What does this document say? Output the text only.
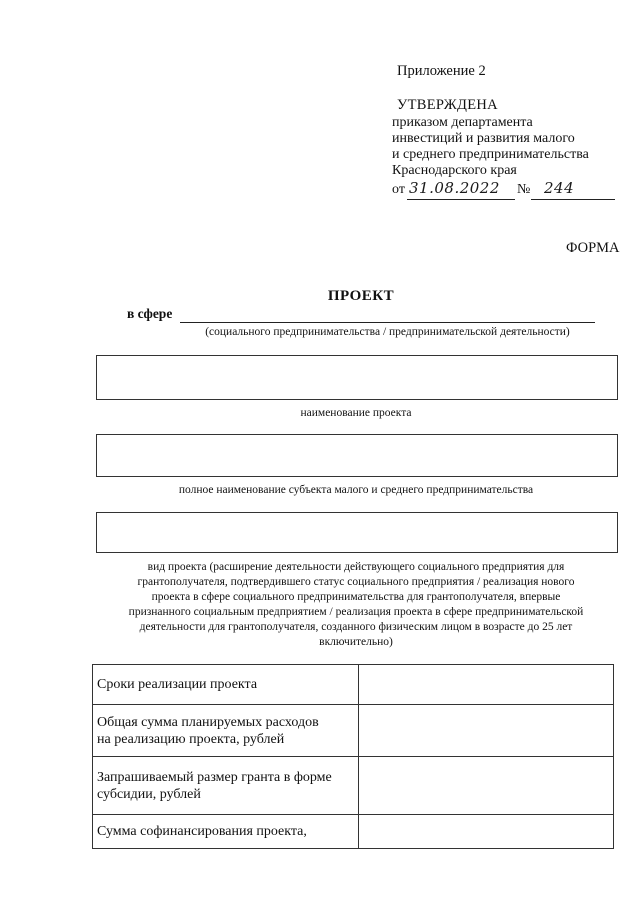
Приложение 2
УТВЕРЖДЕНА
приказом департамента
инвестиций и развития малого
и среднего предпринимательства
Краснодарского края
от 31.08.2022 № 244
ФОРМА
ПРОЕКТ
в сфере
(социального предпринимательства / предпринимательской деятельности)
наименование проекта
полное наименование субъекта малого и среднего предпринимательства
вид проекта (расширение деятельности действующего социального предприятия для
грантополучателя, подтвердившего статус социального предприятия / реализация нового
проекта в сфере социального предпринимательства для грантополучателя, впервые
признанного социальным предприятием / реализация проекта в сфере предпринимательской
деятельности для грантополучателя, созданного физическим лицом в возрасте до 25 лет
включительно)
Сроки реализации проекта	

Общая сумма планируемых расходов
на реализацию проекта, рублей	

Запрашиваемый размер гранта в форме
субсидии, рублей	

Сумма софинансирования проекта,	
